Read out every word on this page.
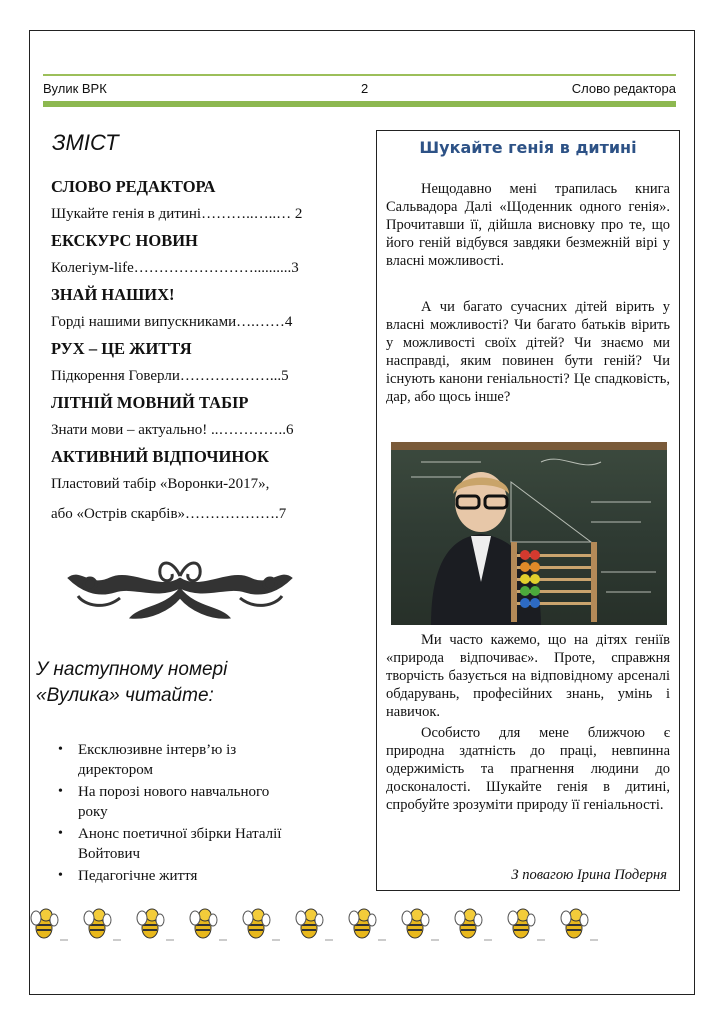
Вулик ВРК	2	Слово редактора
ЗМІСТ
СЛОВО РЕДАКТОРА
Шукайте генія в дитині………..…..… 2
ЕКСКУРС НОВИН
Колегіум-life……………………..........3
ЗНАЙ НАШИХ!
Горді нашими випускниками….……4
РУХ – ЦЕ ЖИТТЯ
Підкорення Говерли………………...5
ЛІТНІЙ МОВНИЙ ТАБІР
Знати мови – актуально! ..…………..6
АКТИВНИЙ ВІДПОЧИНОК
Пластовий табір «Воронки-2017»,
або «Острів скарбів»……………….7
У наступному номері
«Вулика» читайте:
• Ексклюзивне інтерв’ю із директором
• На порозі нового навчального року
• Анонс поетичної збірки Наталії Войтович
• Педагогічне життя
Шукайте генія в дитині

Нещодавно мені трапилась книга Сальвадора Далі «Щоденник одного генія». Прочитавши її, дійшла висновку про те, що його геній відбувся завдяки безмежній вірі у власні можливості.

А чи багато сучасних дітей вірить у власні можливості? Чи багато батьків вірить у можливості своїх дітей? Чи знаємо ми насправді, яким повинен бути геній? Чи існують канони геніальності? Це спадковість, дар, або щось інше?

Ми часто кажемо, що на дітях геніїв «природа відпочиває». Проте, справжня творчість базується на відповідному арсеналі обдарувань, професійних знань, умінь і навичок.

Особисто для мене ближчою є природна здатність до праці, невпинна одержимість та прагнення людини до досконалості. Шукайте генія в дитині, спробуйте зрозуміти природу її геніальності.

З повагою Ірина Подерня
